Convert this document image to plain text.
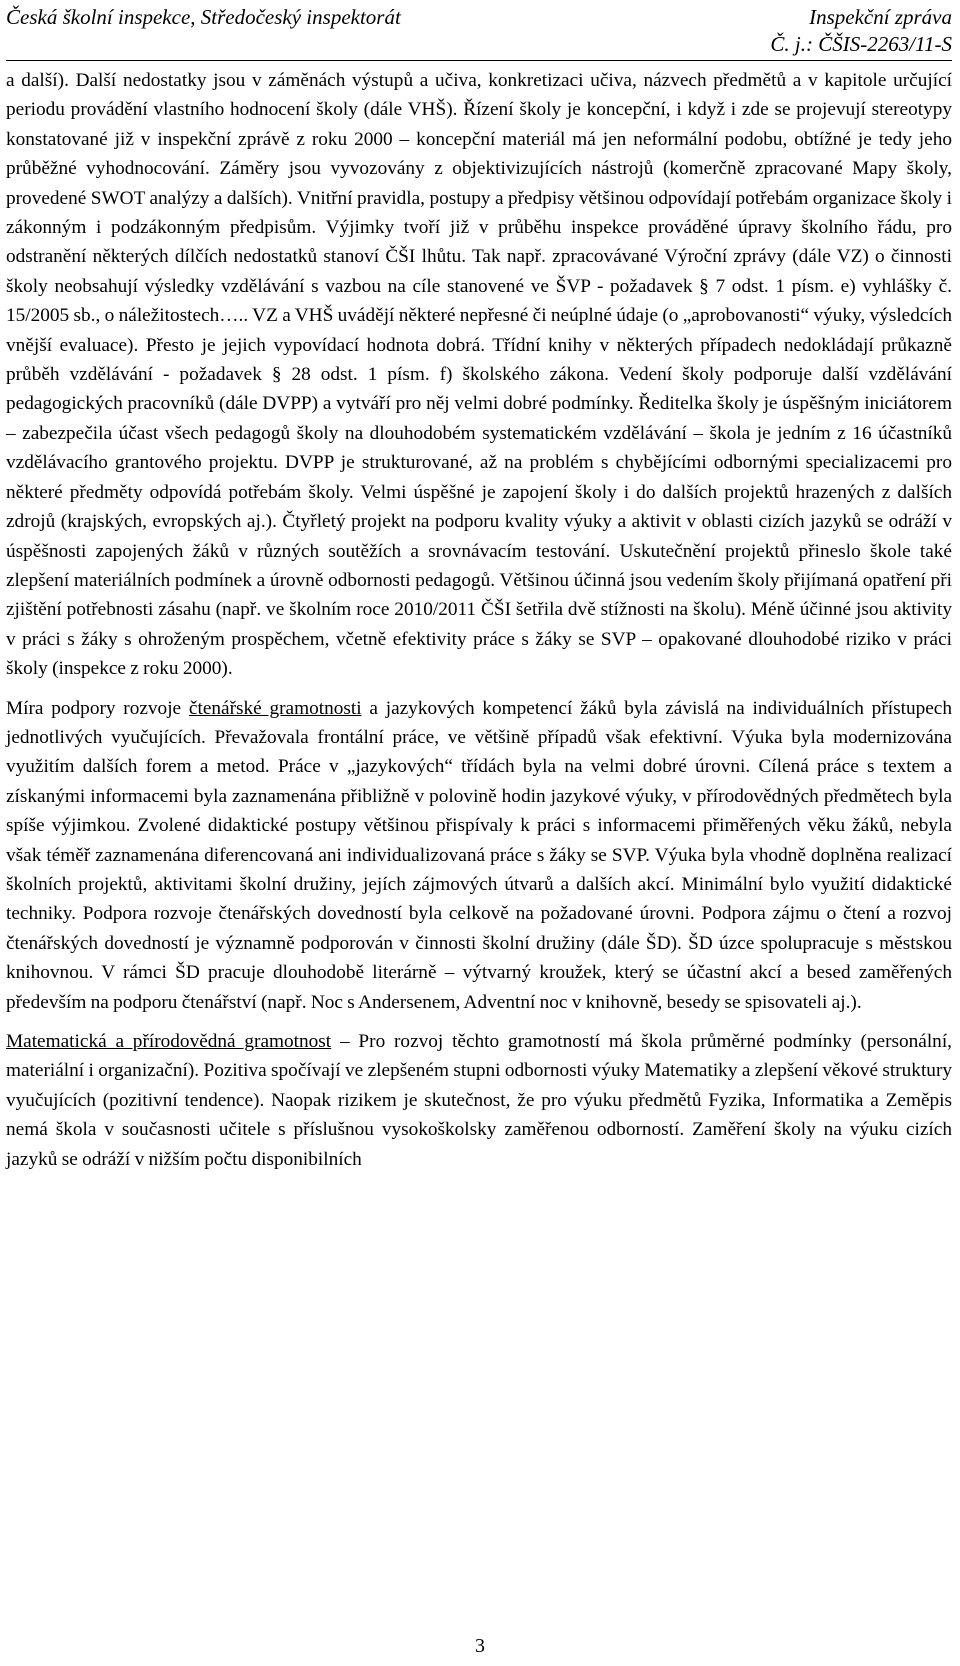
Česká školní inspekce, Středočeský inspektorát	Inspekční zpráva
Č. j.: ČŠIS-2263/11-S

a další). Další nedostatky jsou v záměnách výstupů a učiva, konkretizaci učiva, názvech předmětů a v kapitole určující periodu provádění vlastního hodnocení školy (dále VHŠ). Řízení školy je koncepční, i když i zde se projevují stereotypy konstatované již v inspekční zprávě z roku 2000 – koncepční materiál má jen neformální podobu, obtížné je tedy jeho průběžné vyhodnocování. Záměry jsou vyvozovány z objektivizujících nástrojů (komerčně zpracované Mapy školy, provedené SWOT analýzy a dalších). Vnitřní pravidla, postupy a předpisy většinou odpovídají potřebám organizace školy i zákonným i podzákonným předpisům. Výjimky tvoří již v průběhu inspekce prováděné úpravy školního řádu, pro odstranění některých dílčích nedostatků stanoví ČŠI lhůtu. Tak např. zpracovávané Výroční zprávy (dále VZ) o činnosti školy neobsahují výsledky vzdělávání s vazbou na cíle stanovené ve ŠVP - požadavek § 7 odst. 1 písm. e) vyhlášky č. 15/2005 sb., o náležitostech….. VZ a VHŠ uvádějí některé nepřesné či neúplné údaje (o „aprobovanosti“ výuky, výsledcích vnější evaluace). Přesto je jejich vypovídací hodnota dobrá. Třídní knihy v některých případech nedokládají průkazně průběh vzdělávání - požadavek § 28 odst. 1 písm. f) školského zákona. Vedení školy podporuje další vzdělávání pedagogických pracovníků (dále DVPP) a vytváří pro něj velmi dobré podmínky. Ředitelka školy je úspěšným iniciátorem – zabezpečila účast všech pedagogů školy na dlouhodobém systematickém vzdělávání – škola je jedním z 16 účastníků vzdělávacího grantového projektu. DVPP je strukturované, až na problém s chybějícími odbornými specializacemi pro některé předměty odpovídá potřebám školy. Velmi úspěšné je zapojení školy i do dalších projektů hrazených z dalších zdrojů (krajských, evropských aj.). Čtyřletý projekt na podporu kvality výuky a aktivit v oblasti cizích jazyků se odráží v úspěšnosti zapojených žáků v různých soutěžích a srovnávacím testování. Uskutečnění projektů přineslo škole také zlepšení materiálních podmínek a úrovně odbornosti pedagogů. Většinou účinná jsou vedením školy přijímaná opatření při zjištění potřebnosti zásahu (např. ve školním roce 2010/2011 ČŠI šetřila dvě stížnosti na školu). Méně účinné jsou aktivity v práci s žáky s ohroženým prospěchem, včetně efektivity práce s žáky se SVP – opakované dlouhodobé riziko v práci školy (inspekce z roku 2000).

Míra podpory rozvoje čtenářské gramotnosti a jazykových kompetencí žáků byla závislá na individuálních přístupech jednotlivých vyučujících. Převažovala frontální práce, ve většině případů však efektivní. Výuka byla modernizována využitím dalších forem a metod. Práce v „jazykových“ třídách byla na velmi dobré úrovni. Cílená práce s textem a získanými informacemi byla zaznamenána přibližně v polovině hodin jazykové výuky, v přírodovědných předmětech byla spíše výjimkou. Zvolené didaktické postupy většinou přispívaly k práci s informacemi přiměřených věku žáků, nebyla však téměř zaznamenána diferencovaná ani individualizovaná práce s žáky se SVP. Výuka byla vhodně doplněna realizací školních projektů, aktivitami školní družiny, jejích zájmových útvarů a dalších akcí. Minimální bylo využití didaktické techniky. Podpora rozvoje čtenářských dovedností byla celkově na požadované úrovni. Podpora zájmu o čtení a rozvoj čtenářských dovedností je významně podporován v činnosti školní družiny (dále ŠD). ŠD úzce spolupracuje s městskou knihovnou. V rámci ŠD pracuje dlouhodobě literárně – výtvarný kroužek, který se účastní akcí a besed zaměřených především na podporu čtenářství (např. Noc s Andersenem, Adventní noc v knihovně, besedy se spisovateli aj.).

Matematická a přírodovědná gramotnost – Pro rozvoj těchto gramotností má škola průměrné podmínky (personální, materiální i organizační). Pozitiva spočívají ve zlepšeném stupni odbornosti výuky Matematiky a zlepšení věkové struktury vyučujících (pozitivní tendence). Naopak rizikem je skutečnost, že pro výuku předmětů Fyzika, Informatika a Zeměpis nemá škola v současnosti učitele s příslušnou vysokoškolsky zaměřenou odborností. Zaměření školy na výuku cizích jazyků se odráží v nižším počtu disponibilních

3
